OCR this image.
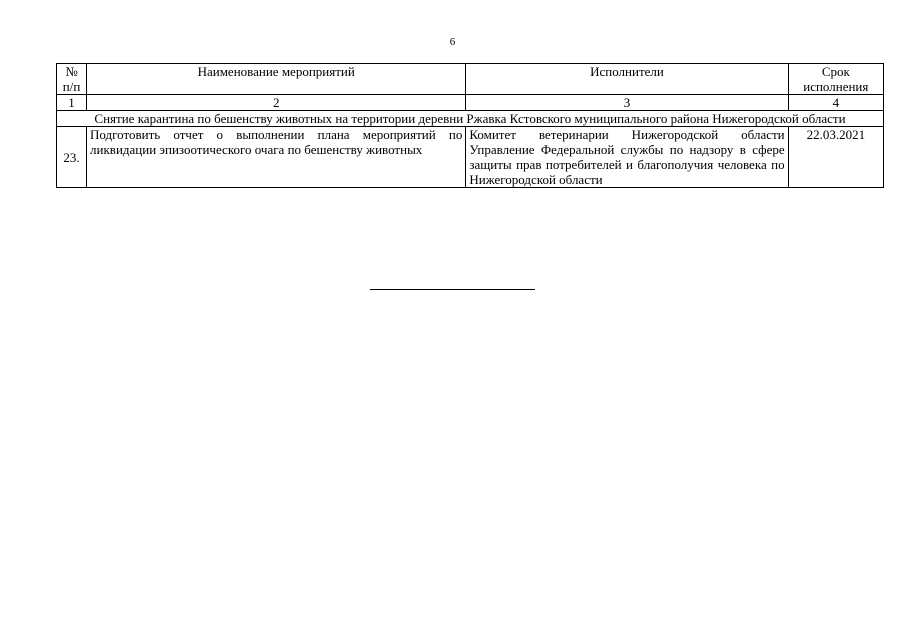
6
№ п/п	Наименование мероприятий	Исполнители	Срок исполнения
1	2	3	4
Снятие карантина по бешенству животных на территории деревни Ржавка Кстовского муниципального района Нижегородской области			
23.	Подготовить отчет о выполнении плана мероприятий по ликвидации эпизоотического очага по бешенству животных	Комитет ветеринарии Нижегородской области Управление Федеральной службы по надзору в сфере защиты прав потребителей и благополучия человека по Нижегородской области	22.03.2021
